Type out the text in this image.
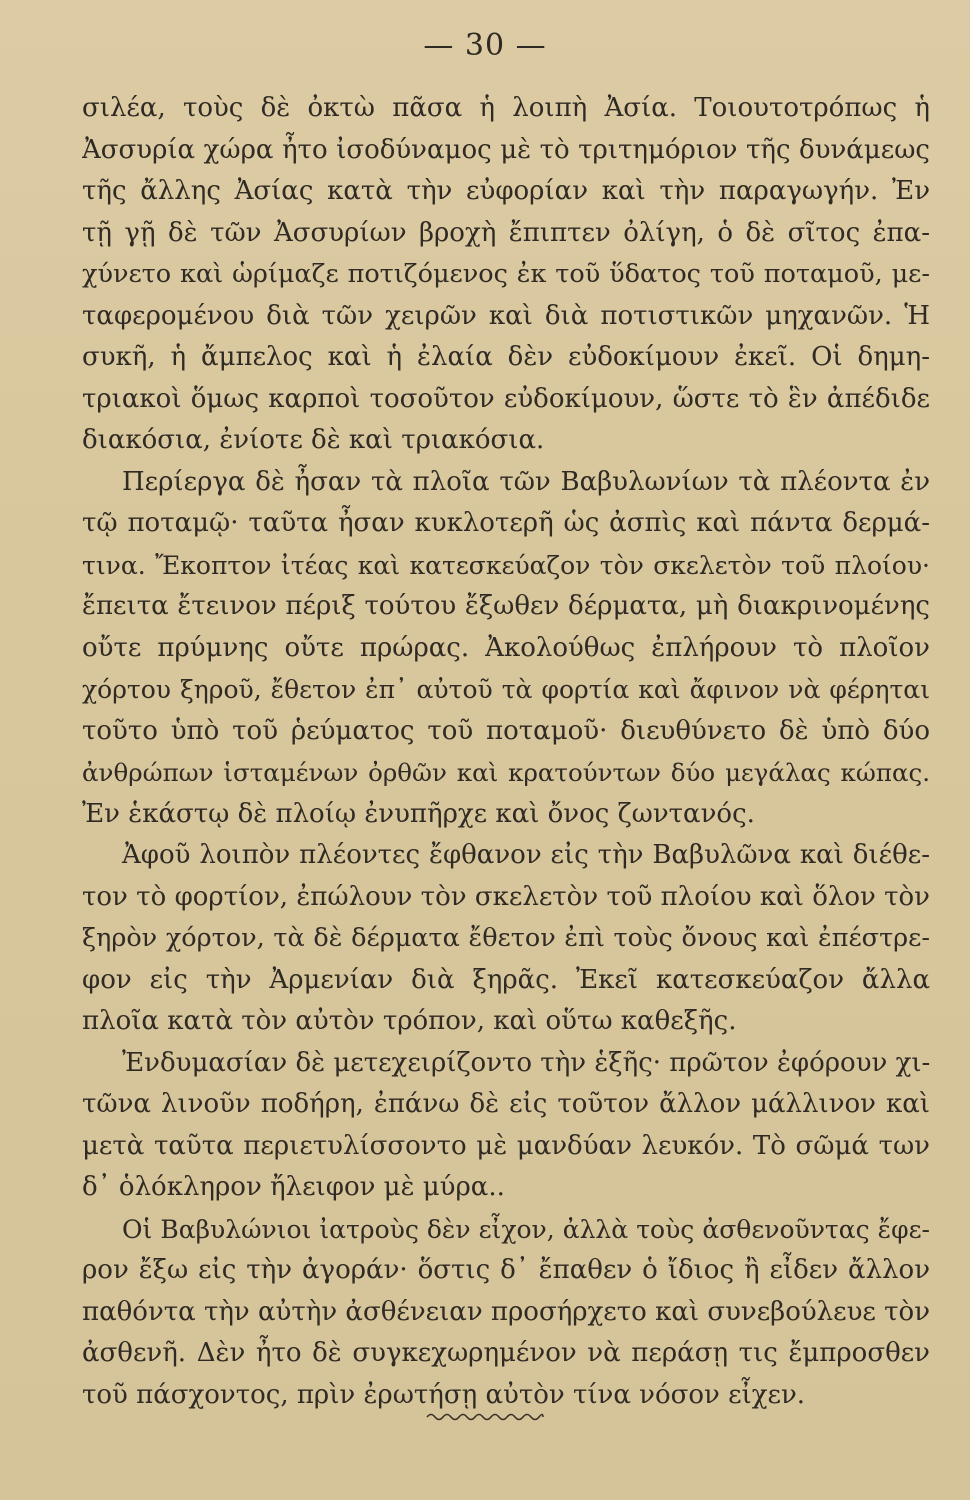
— 30 —
σιλέα, τοὺς δὲ ὀκτὼ πᾶσα ἡ λοιπὴ Ἀσία. Τοιουτοτρόπως ἡ
Ἀσσυρία χώρα ἦτο ἰσοδύναμος μὲ τὸ τριτημόριον τῆς δυνάμεως
τῆς ἄλλης Ἀσίας κατὰ τὴν εὐφορίαν καὶ τὴν παραγωγήν. Ἐν
τῇ γῇ δὲ τῶν Ἀσσυρίων βροχὴ ἔπιπτεν ὀλίγη, ὁ δὲ σῖτος ἐπα-
χύνετο καὶ ὡρίμαζε ποτιζόμενος ἐκ τοῦ ὕδατος τοῦ ποταμοῦ, με-
ταφερομένου διὰ τῶν χειρῶν καὶ διὰ ποτιστικῶν μηχανῶν. Ἡ
συκῆ, ἡ ἄμπελος καὶ ἡ ἐλαία δὲν εὐδοκίμουν ἐκεῖ. Οἱ δημη-
τριακοὶ ὅμως καρποὶ τοσοῦτον εὐδοκίμουν, ὥστε τὸ ἓν ἀπέδιδε
διακόσια, ἐνίοτε δὲ καὶ τριακόσια.
Περίεργα δὲ ἦσαν τὰ πλοῖα τῶν Βαβυλωνίων τὰ πλέοντα ἐν
τῷ ποταμῷ· ταῦτα ἦσαν κυκλοτερῆ ὡς ἀσπὶς καὶ πάντα δερμά-
τινα. Ἔκοπτον ἰτέας καὶ κατεσκεύαζον τὸν σκελετὸν τοῦ πλοίου·
ἔπειτα ἔτεινον πέριξ τούτου ἔξωθεν δέρματα, μὴ διακρινομένης
οὔτε πρύμνης οὔτε πρώρας. Ἀκολούθως ἐπλήρουν τὸ πλοῖον
χόρτου ξηροῦ, ἔθετον ἐπ᾽ αὐτοῦ τὰ φορτία καὶ ἄφινον νὰ φέρηται
τοῦτο ὑπὸ τοῦ ῥεύματος τοῦ ποταμοῦ· διευθύνετο δὲ ὑπὸ δύο
ἀνθρώπων ἱσταμένων ὀρθῶν καὶ κρατούντων δύο μεγάλας κώπας.
Ἐν ἑκάστῳ δὲ πλοίῳ ἐνυπῆρχε καὶ ὄνος ζωντανός.
Ἀφοῦ λοιπὸν πλέοντες ἔφθανον εἰς τὴν Βαβυλῶνα καὶ διέθε-
τον τὸ φορτίον, ἐπώλουν τὸν σκελετὸν τοῦ πλοίου καὶ ὅλον τὸν
ξηρὸν χόρτον, τὰ δὲ δέρματα ἔθετον ἐπὶ τοὺς ὄνους καὶ ἐπέστρε-
φον εἰς τὴν Ἀρμενίαν διὰ ξηρᾶς. Ἐκεῖ κατεσκεύαζον ἄλλα
πλοῖα κατὰ τὸν αὐτὸν τρόπον, καὶ οὕτω καθεξῆς.
Ἐνδυμασίαν δὲ μετεχειρίζοντο τὴν ἑξῆς· πρῶτον ἐφόρουν χι-
τῶνα λινοῦν ποδήρη, ἐπάνω δὲ εἰς τοῦτον ἄλλον μάλλινον καὶ
μετὰ ταῦτα περιετυλίσσοντο μὲ μανδύαν λευκόν. Τὸ σῶμά των
δ᾽ ὁλόκληρον ἤλειφον μὲ μύρα..
Οἱ Βαβυλώνιοι ἰατροὺς δὲν εἶχον, ἀλλὰ τοὺς ἀσθενοῦντας ἔφε-
ρον ἔξω εἰς τὴν ἀγοράν· ὅστις δ᾽ ἔπαθεν ὁ ἴδιος ἢ εἶδεν ἄλλον
παθόντα τὴν αὐτὴν ἀσθένειαν προσήρχετο καὶ συνεβούλευε τὸν
ἀσθενῆ. Δὲν ἦτο δὲ συγκεχωρημένον νὰ περάσῃ τις ἔμπροσθεν
τοῦ πάσχοντος, πρὶν ἐρωτήσῃ αὐτὸν τίνα νόσον εἶχεν.
